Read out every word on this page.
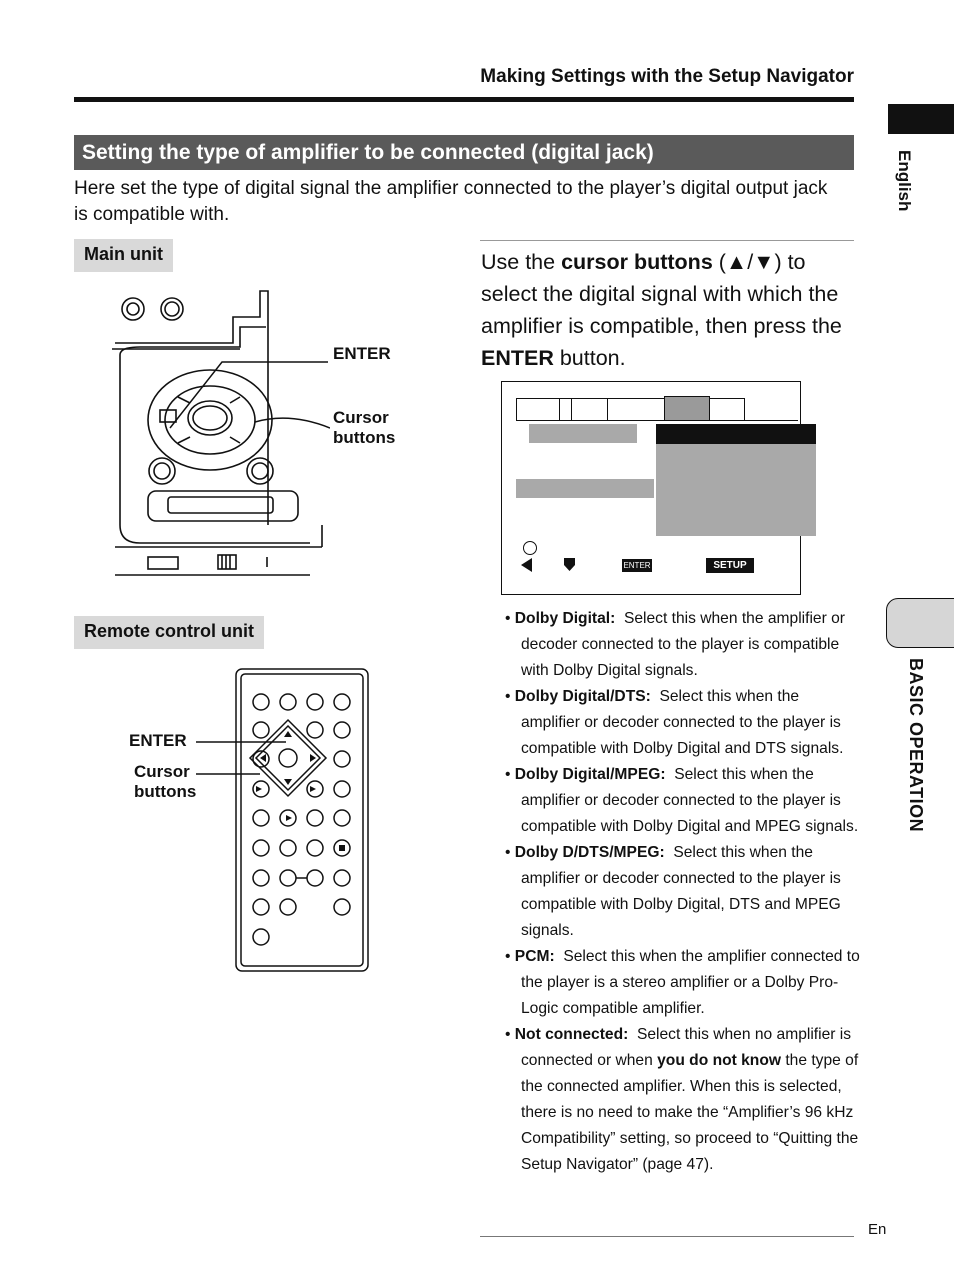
Making Settings with the Setup Navigator
English
BASIC OPERATION
Setting the type of amplifier to be connected (digital jack)
Here set the type of digital signal the amplifier connected to the player’s digital output jack is compatible with.
Main unit
ENTER
Cursor
buttons
Remote control unit
ENTER
Cursor
buttons
Use the cursor buttons (▲/▼) to select the digital signal with which the amplifier is compatible, then press the ENTER button.
ENTER	SETUP

• Dolby Digital: Select this when the amplifier or decoder connected to the player is compatible with Dolby Digital signals.

• Dolby Digital/DTS: Select this when the amplifier or decoder connected to the player is compatible with Dolby Digital and DTS signals.

• Dolby Digital/MPEG: Select this when the amplifier or decoder connected to the player is compatible with Dolby Digital and MPEG signals.

• Dolby D/DTS/MPEG: Select this when the amplifier or decoder connected to the player is compatible with Dolby Digital, DTS and MPEG signals.

• PCM: Select this when the amplifier connected to the player is a stereo amplifier or a Dolby Pro-Logic compatible amplifier.

• Not connected: Select this when no amplifier is connected or when you do not know the type of the connected amplifier. When this is selected, there is no need to make the “Amplifier’s 96 kHz Compatibility” setting, so proceed to “Quitting the Setup Navigator” (page 47).

En
